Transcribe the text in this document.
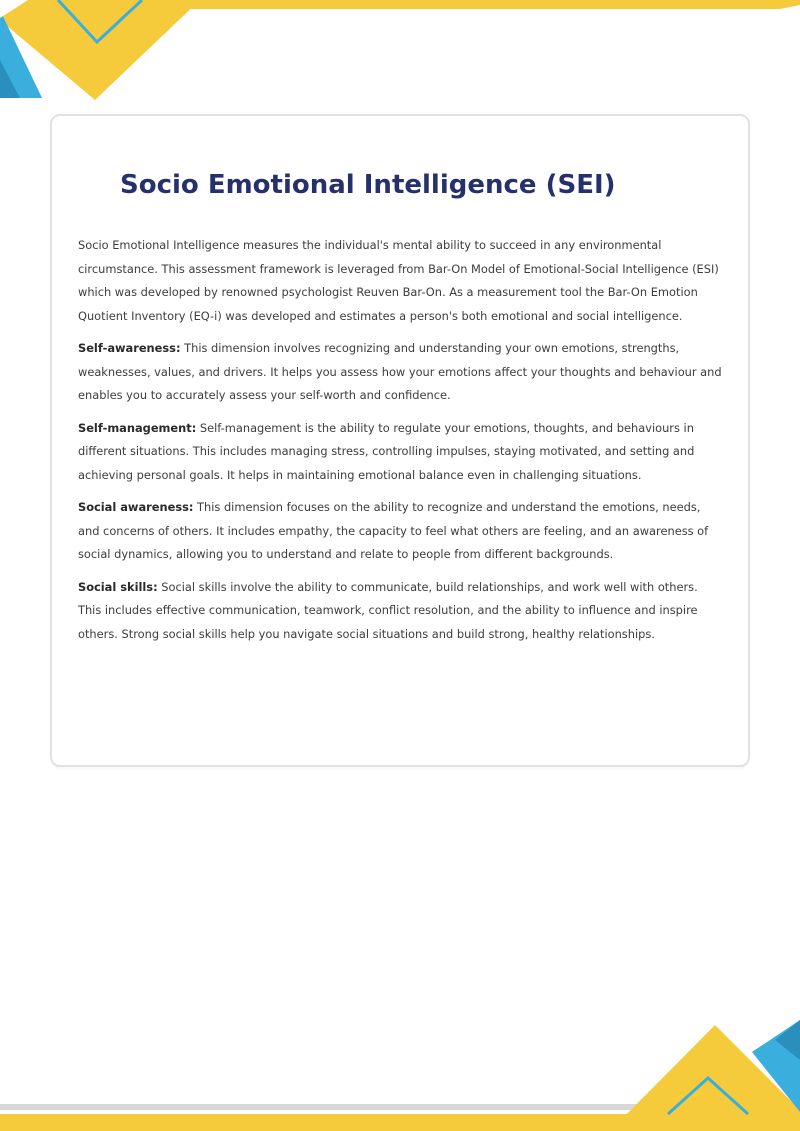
Socio Emotional Intelligence (SEI)

Socio Emotional Intelligence measures the individual's mental ability to succeed in any environmental circumstance. This assessment framework is leveraged from Bar-On Model of Emotional-Social Intelligence (ESI) which was developed by renowned psychologist Reuven Bar-On. As a measurement tool the Bar-On Emotion Quotient Inventory (EQ-i) was developed and estimates a person's both emotional and social intelligence.

Self-awareness: This dimension involves recognizing and understanding your own emotions, strengths, weaknesses, values, and drivers. It helps you assess how your emotions affect your thoughts and behaviour and enables you to accurately assess your self-worth and confidence.

Self-management: Self-management is the ability to regulate your emotions, thoughts, and behaviours in different situations. This includes managing stress, controlling impulses, staying motivated, and setting and achieving personal goals. It helps in maintaining emotional balance even in challenging situations.

Social awareness: This dimension focuses on the ability to recognize and understand the emotions, needs, and concerns of others. It includes empathy, the capacity to feel what others are feeling, and an awareness of social dynamics, allowing you to understand and relate to people from different backgrounds.

Social skills: Social skills involve the ability to communicate, build relationships, and work well with others. This includes effective communication, teamwork, conflict resolution, and the ability to influence and inspire others. Strong social skills help you navigate social situations and build strong, healthy relationships.
